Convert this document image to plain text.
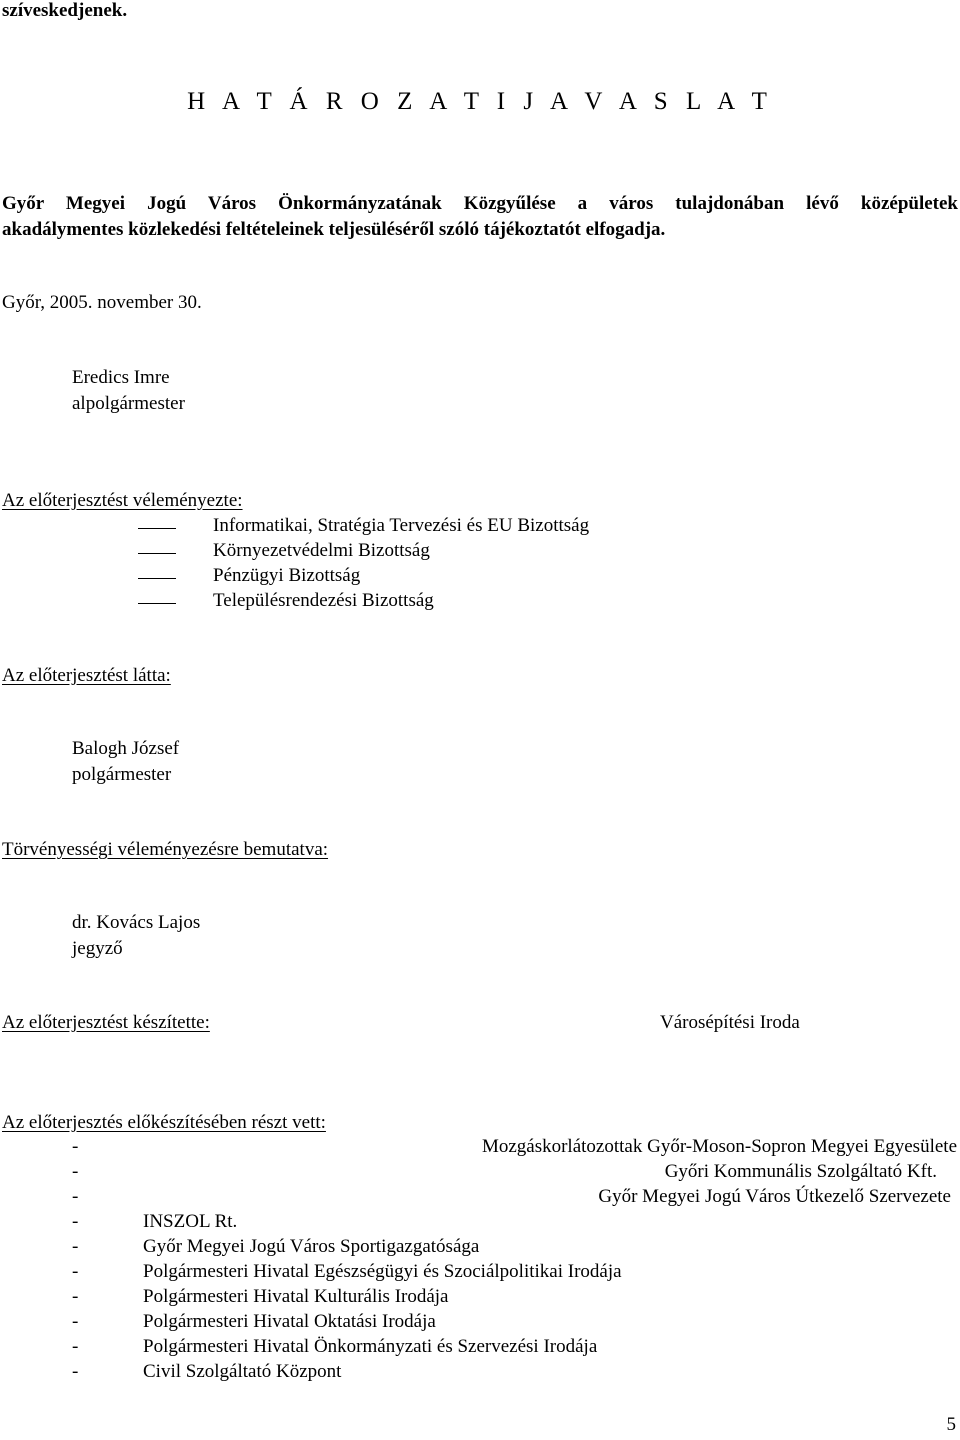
szíveskedjenek.
H A T Á R O Z A T I J A V A S L A T
Győr Megyei Jogú Város Önkormányzatának Közgyűlése a város tulajdonában lévő középületek
akadálymentes közlekedési feltételeinek teljesüléséről szóló tájékoztatót elfogadja.
Győr, 2005. november 30.
Eredics Imre
alpolgármester
Az előterjesztést véleményezte:
Informatikai, Stratégia Tervezési és EU Bizottság
Környezetvédelmi Bizottság
Pénzügyi Bizottság
Településrendezési Bizottság
Az előterjesztést látta:
Balogh József
polgármester
Törvényességi véleményezésre bemutatva:
dr. Kovács Lajos
jegyző
Az előterjesztést készítette:	Városépítési Iroda
Az előterjesztés előkészítésében részt vett:
-	Mozgáskorlátozottak Győr-Moson-Sopron Megyei Egyesülete
-	Győri Kommunális Szolgáltató Kft.
-	Győr Megyei Jogú Város Útkezelő Szervezete
-	INSZOL Rt.
-	Győr Megyei Jogú Város Sportigazgatósága
-	Polgármesteri Hivatal Egészségügyi és Szociálpolitikai Irodája
-	Polgármesteri Hivatal Kulturális Irodája
-	Polgármesteri Hivatal Oktatási Irodája
-	Polgármesteri Hivatal Önkormányzati és Szervezési Irodája
-	Civil Szolgáltató Központ
5
